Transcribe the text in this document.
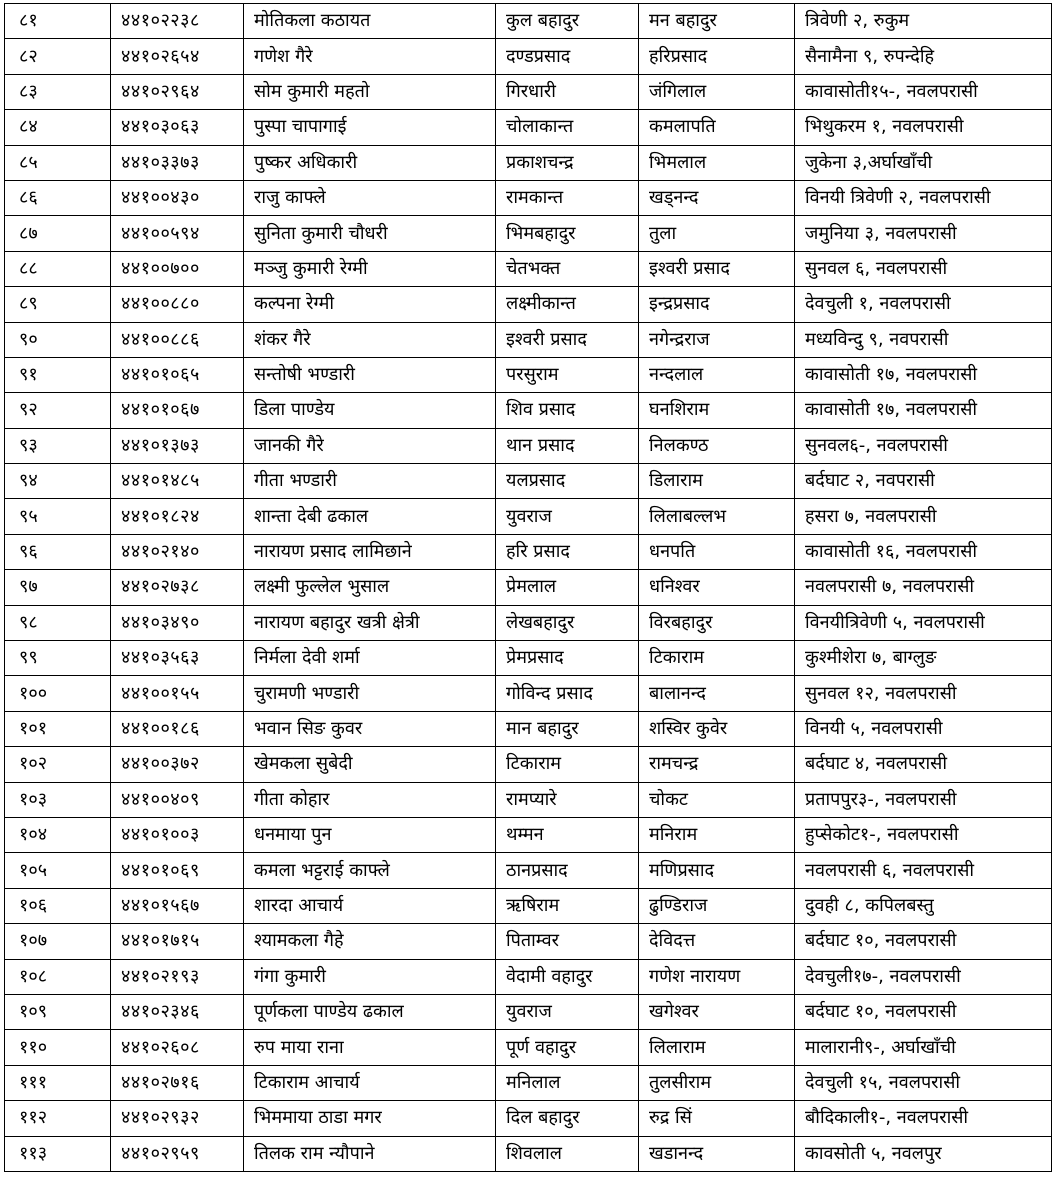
८१	४४१०२२३८	मोतिकला कठायत	कुल बहादुर	मन बहादुर	त्रिवेणी २, रुकुम
८२	४४१०२६५४	गणेश गैरे	दण्डप्रसाद	हरिप्रसाद	सैनामैना ९, रुपन्देहि
८३	४४१०२९६४	सोम कुमारी महतो	गिरधारी	जंगिलाल	कावासोती१५-, नवलपरासी
८४	४४१०३०६३	पुस्पा चापागाई	चोलाकान्त	कमलापति	भिथुकरम १, नवलपरासी
८५	४४१०३३७३	पुष्कर अधिकारी	प्रकाशचन्द्र	भिमलाल	जुकेना ३,अर्घाखाँची
८६	४४१००४३०	राजु काफ्ले	रामकान्त	खड्नन्द	विनयी त्रिवेणी २, नवलपरासी
८७	४४१००५९४	सुनिता कुमारी चौधरी	भिमबहादुर	तुला	जमुनिया ३, नवलपरासी
८८	४४१००७००	मञ्जु कुमारी रेग्मी	चेतभक्त	इश्वरी प्रसाद	सुनवल ६, नवलपरासी
८९	४४१००८८०	कल्पना रेग्मी	लक्ष्मीकान्त	इन्द्रप्रसाद	देवचुली १, नवलपरासी
९०	४४१००८८६	शंकर गैरे	इश्वरी प्रसाद	नगेन्द्रराज	मध्यविन्दु ९, नवपरासी
९१	४४१०१०६५	सन्तोषी भण्डारी	परसुराम	नन्दलाल	कावासोती १७, नवलपरासी
९२	४४१०१०६७	डिला पाण्डेय	शिव प्रसाद	घनशिराम	कावासोती १७, नवलपरासी
९३	४४१०१३७३	जानकी गैरे	थान प्रसाद	निलकण्ठ	सुनवल६-, नवलपरासी
९४	४४१०१४८५	गीता भण्डारी	यलप्रसाद	डिलाराम	बर्दघाट २, नवपरासी
९५	४४१०१८२४	शान्ता देबी ढकाल	युवराज	लिलाबल्लभ	हसरा ७, नवलपरासी
९६	४४१०२१४०	नारायण प्रसाद लामिछाने	हरि प्रसाद	धनपति	कावासोती १६, नवलपरासी
९७	४४१०२७३८	लक्ष्मी फुल्लेल भुसाल	प्रेमलाल	धनिश्वर	नवलपरासी ७, नवलपरासी
९८	४४१०३४९०	नारायण बहादुर खत्री क्षेत्री	लेखबहादुर	विरबहादुर	विनयीत्रिवेणी ५, नवलपरासी
९९	४४१०३५६३	निर्मला देवी शर्मा	प्रेमप्रसाद	टिकाराम	कुश्मीशेरा ७, बाग्लुङ
१००	४४१००१५५	चुरामणी भण्डारी	गोविन्द प्रसाद	बालानन्द	सुनवल १२, नवलपरासी
१०१	४४१००१८६	भवान सिङ कुवर	मान बहादुर	शस्विर कुवेर	विनयी ५, नवलपरासी
१०२	४४१००३७२	खेमकला सुबेदी	टिकाराम	रामचन्द्र	बर्दघाट ४, नवलपरासी
१०३	४४१००४०९	गीता कोहार	रामप्यारे	चोकट	प्रतापपुर३-, नवलपरासी
१०४	४४१०१००३	धनमाया पुन	थम्मन	मनिराम	हुप्सेकोट१-, नवलपरासी
१०५	४४१०१०६९	कमला भट्टराई काफ्ले	ठानप्रसाद	मणिप्रसाद	नवलपरासी ६, नवलपरासी
१०६	४४१०१५६७	शारदा आचार्य	ऋषिराम	ढुण्डिराज	दुवही ८, कपिलबस्तु
१०७	४४१०१७१५	श्यामकला गैहे	पिताम्वर	देविदत्त	बर्दघाट १०, नवलपरासी
१०८	४४१०२१९३	गंगा कुमारी	वेदामी वहादुर	गणेश नारायण	देवचुली१७-, नवलपरासी
१०९	४४१०२३४६	पूर्णकला पाण्डेय ढकाल	युवराज	खगेश्वर	बर्दघाट १०, नवलपरासी
११०	४४१०२६०८	रुप माया राना	पूर्ण वहादुर	लिलाराम	मालारानी९-, अर्घाखाँची
१११	४४१०२७१६	टिकाराम आचार्य	मनिलाल	तुलसीराम	देवचुली १५, नवलपरासी
११२	४४१०२९३२	भिममाया ठाडा मगर	दिल बहादुर	रुद्र सिं	बौदिकाली१-, नवलपरासी
११३	४४१०२९५९	तिलक राम न्यौपाने	शिवलाल	खडानन्द	कावसोती ५, नवलपुर
